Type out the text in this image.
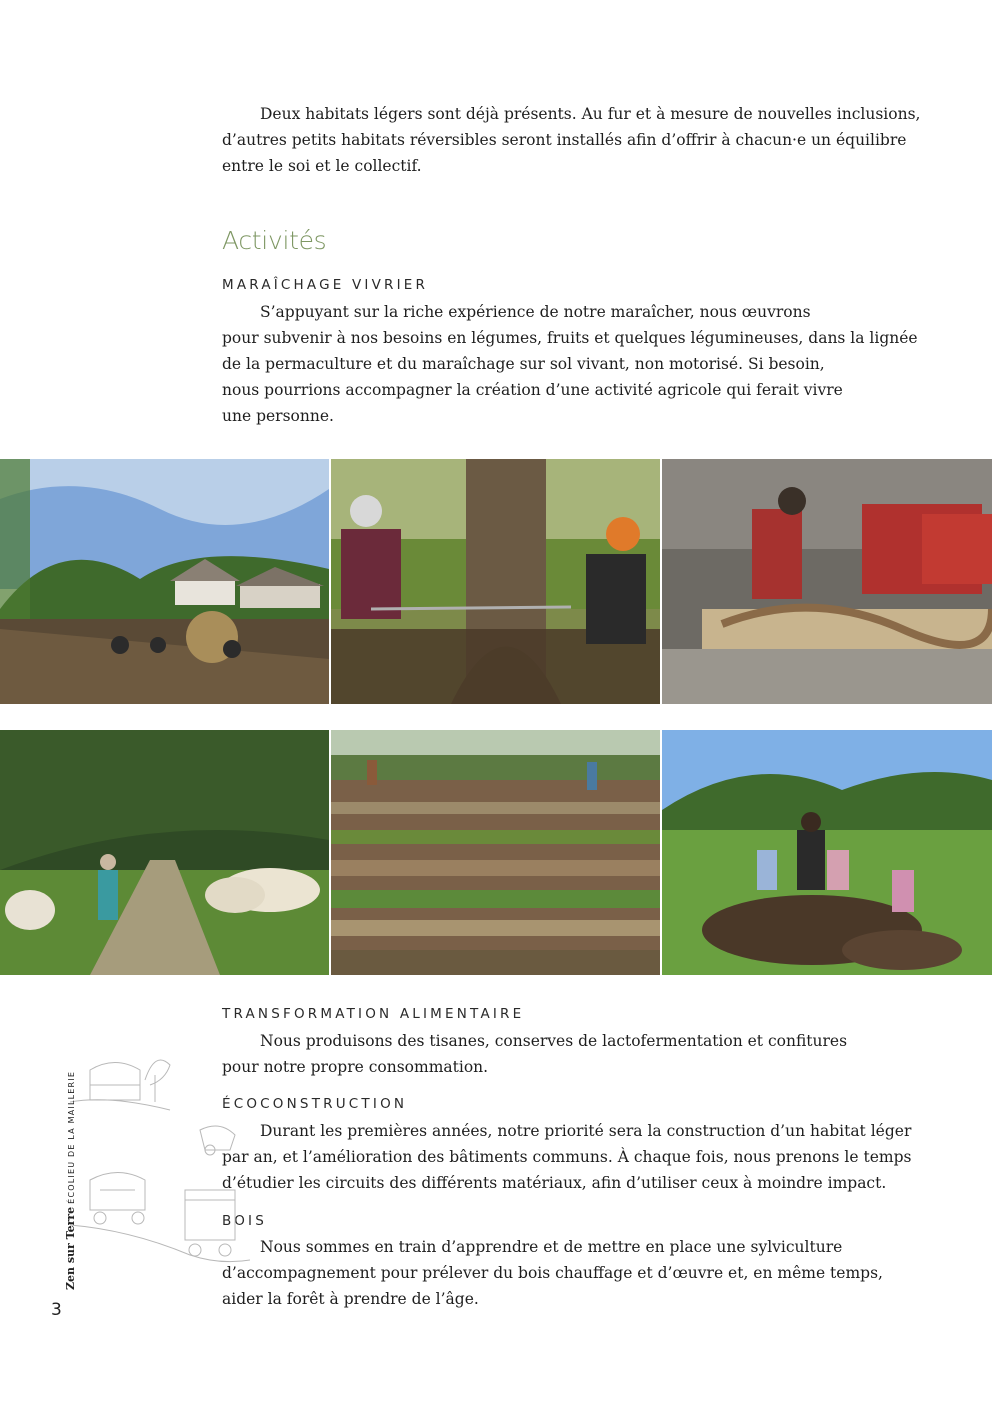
Deux habitats légers sont déjà présents. Au fur et à mesure de nouvelles inclusions,
d’autres petits habitats réversibles seront installés afin d’offrir à chacun·e un équilibre
entre le soi et le collectif.

Activités

MARAÎCHAGE VIVRIER

S’appuyant sur la riche expérience de notre maraîcher, nous œuvrons
pour subvenir à nos besoins en légumes, fruits et quelques légumineuses, dans la lignée
de la permaculture et du maraîchage sur sol vivant, non motorisé. Si besoin,
nous pourrions accompagner la création d’une activité agricole qui ferait vivre
une personne.

TRANSFORMATION ALIMENTAIRE

Nous produisons des tisanes, conserves de lactofermentation et confitures
pour notre propre consommation.

ÉCOCONSTRUCTION

Durant les premières années, notre priorité sera la construction d’un habitat léger
par an, et l’amélioration des bâtiments communs. À chaque fois, nous prenons le temps
d’étudier les circuits des différents matériaux, afin d’utiliser ceux à moindre impact.

BOIS

Nous sommes en train d’apprendre et de mettre en place une sylviculture
d’accompagnement pour prélever du bois chauffage et d’œuvre et, en même temps,
aider la forêt à prendre de l’âge.

Zen sur TerreÉCOLIEU DE LA MAILLERIE
3
